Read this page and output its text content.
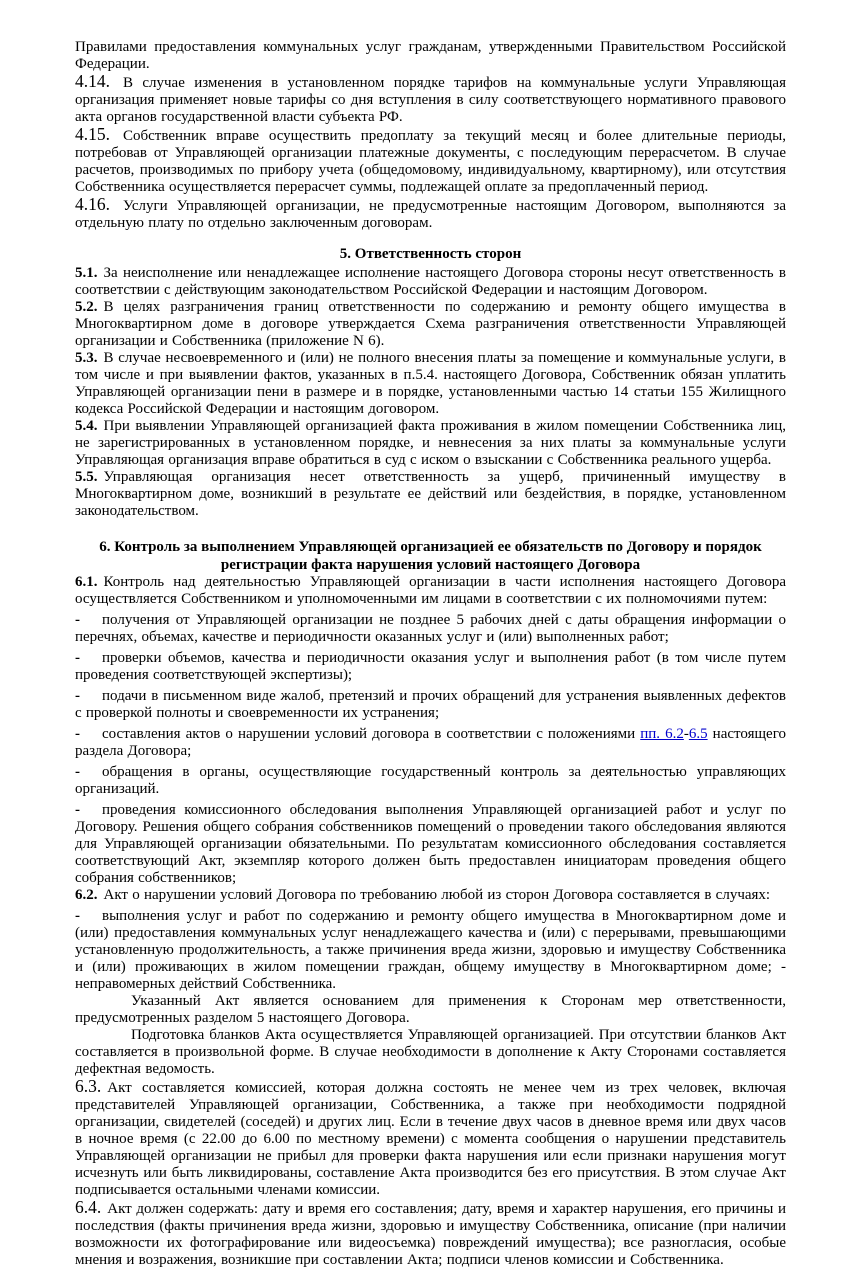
Правилами предоставления коммунальных услуг гражданам, утвержденными Правительством Российской Федерации.

4.14. В случае изменения в установленном порядке тарифов на коммунальные услуги Управляющая организация применяет новые тарифы со дня вступления в силу соответствующего нормативного правового акта органов государственной власти субъекта РФ.

4.15. Собственник вправе осуществить предоплату за текущий месяц и более длительные периоды, потребовав от Управляющей организации платежные документы, с последующим перерасчетом. В случае расчетов, производимых по прибору учета (общедомовому, индивидуальному, квартирному), или отсутствия Собственника осуществляется перерасчет суммы, подлежащей оплате за предоплаченный период.

4.16. Услуги Управляющей организации, не предусмотренные настоящим Договором, выполняются за отдельную плату по отдельно заключенным договорам.

5. Ответственность сторон

5.1. За неисполнение или ненадлежащее исполнение настоящего Договора стороны несут ответственность в соответствии с действующим законодательством Российской Федерации и настоящим Договором.

5.2. В целях разграничения границ ответственности по содержанию и ремонту общего имущества в Многоквартирном доме в договоре утверждается Схема разграничения ответственности Управляющей организации и Собственника (приложение N 6).

5.3. В случае несвоевременного и (или) не полного внесения платы за помещение и коммунальные услуги, в том числе и при выявлении фактов, указанных в п.5.4. настоящего Договора, Собственник обязан уплатить Управляющей организации пени в размере и в порядке, установленными частью 14 статьи 155 Жилищного кодекса Российской Федерации и настоящим договором.

5.4. При выявлении Управляющей организацией факта проживания в жилом помещении Собственника лиц, не зарегистрированных в установленном порядке, и невнесения за них платы за коммунальные услуги Управляющая организация вправе обратиться в суд с иском о взыскании с Собственника реального ущерба.

5.5. Управляющая организация несет ответственность за ущерб, причиненный имуществу в Многоквартирном доме, возникший в результате ее действий или бездействия, в порядке, установленном законодательством.

6. Контроль за выполнением Управляющей организацией ее обязательств по Договору и порядок регистрации факта нарушения условий настоящего Договора

6.1. Контроль над деятельностью Управляющей организации в части исполнения настоящего Договора осуществляется Собственником и уполномоченными им лицами в соответствии с их полномочиями путем:

- получения от Управляющей организации не позднее 5 рабочих дней с даты обращения информации о перечнях, объемах, качестве и периодичности оказанных услуг и (или) выполненных работ;

- проверки объемов, качества и периодичности оказания услуг и выполнения работ (в том числе путем проведения соответствующей экспертизы);

- подачи в письменном виде жалоб, претензий и прочих обращений для устранения выявленных дефектов с проверкой полноты и своевременности их устранения;

- составления актов о нарушении условий договора в соответствии с положениями пп. 6.2-6.5 настоящего раздела Договора;

- обращения в органы, осуществляющие государственный контроль за деятельностью управляющих организаций.

- проведения комиссионного обследования выполнения Управляющей организацией работ и услуг по Договору. Решения общего собрания собственников помещений о проведении такого обследования являются для Управляющей организации обязательными. По результатам комиссионного обследования составляется соответствующий Акт, экземпляр которого должен быть предоставлен инициаторам проведения общего собрания собственников;

6.2. Акт о нарушении условий Договора по требованию любой из сторон Договора составляется в случаях:

- выполнения услуг и работ по содержанию и ремонту общего имущества в Многоквартирном доме и (или) предоставления коммунальных услуг ненадлежащего качества и (или) с перерывами, превышающими установленную продолжительность, а также причинения вреда жизни, здоровью и имуществу Собственника и (или) проживающих в жилом помещении граждан, общему имуществу в Многоквартирном доме; - неправомерных действий Собственника.

Указанный Акт является основанием для применения к Сторонам мер ответственности, предусмотренных разделом 5 настоящего Договора.

Подготовка бланков Акта осуществляется Управляющей организацией. При отсутствии бланков Акт составляется в произвольной форме. В случае необходимости в дополнение к Акту Сторонами составляется дефектная ведомость.

6.3. Акт составляется комиссией, которая должна состоять не менее чем из трех человек, включая представителей Управляющей организации, Собственника, а также при необходимости подрядной организации, свидетелей (соседей) и других лиц. Если в течение двух часов в дневное время или двух часов в ночное время (с 22.00 до 6.00 по местному времени) с момента сообщения о нарушении представитель Управляющей организации не прибыл для проверки факта нарушения или если признаки нарушения могут исчезнуть или быть ликвидированы, составление Акта производится без его присутствия. В этом случае Акт подписывается остальными членами комиссии.

6.4. Акт должен содержать: дату и время его составления; дату, время и характер нарушения, его причины и последствия (факты причинения вреда жизни, здоровью и имуществу Собственника, описание (при наличии возможности их фотографирование или видеосъемка) повреждений имущества); все разногласия, особые мнения и возражения, возникшие при составлении Акта; подписи членов комиссии и Собственника.
